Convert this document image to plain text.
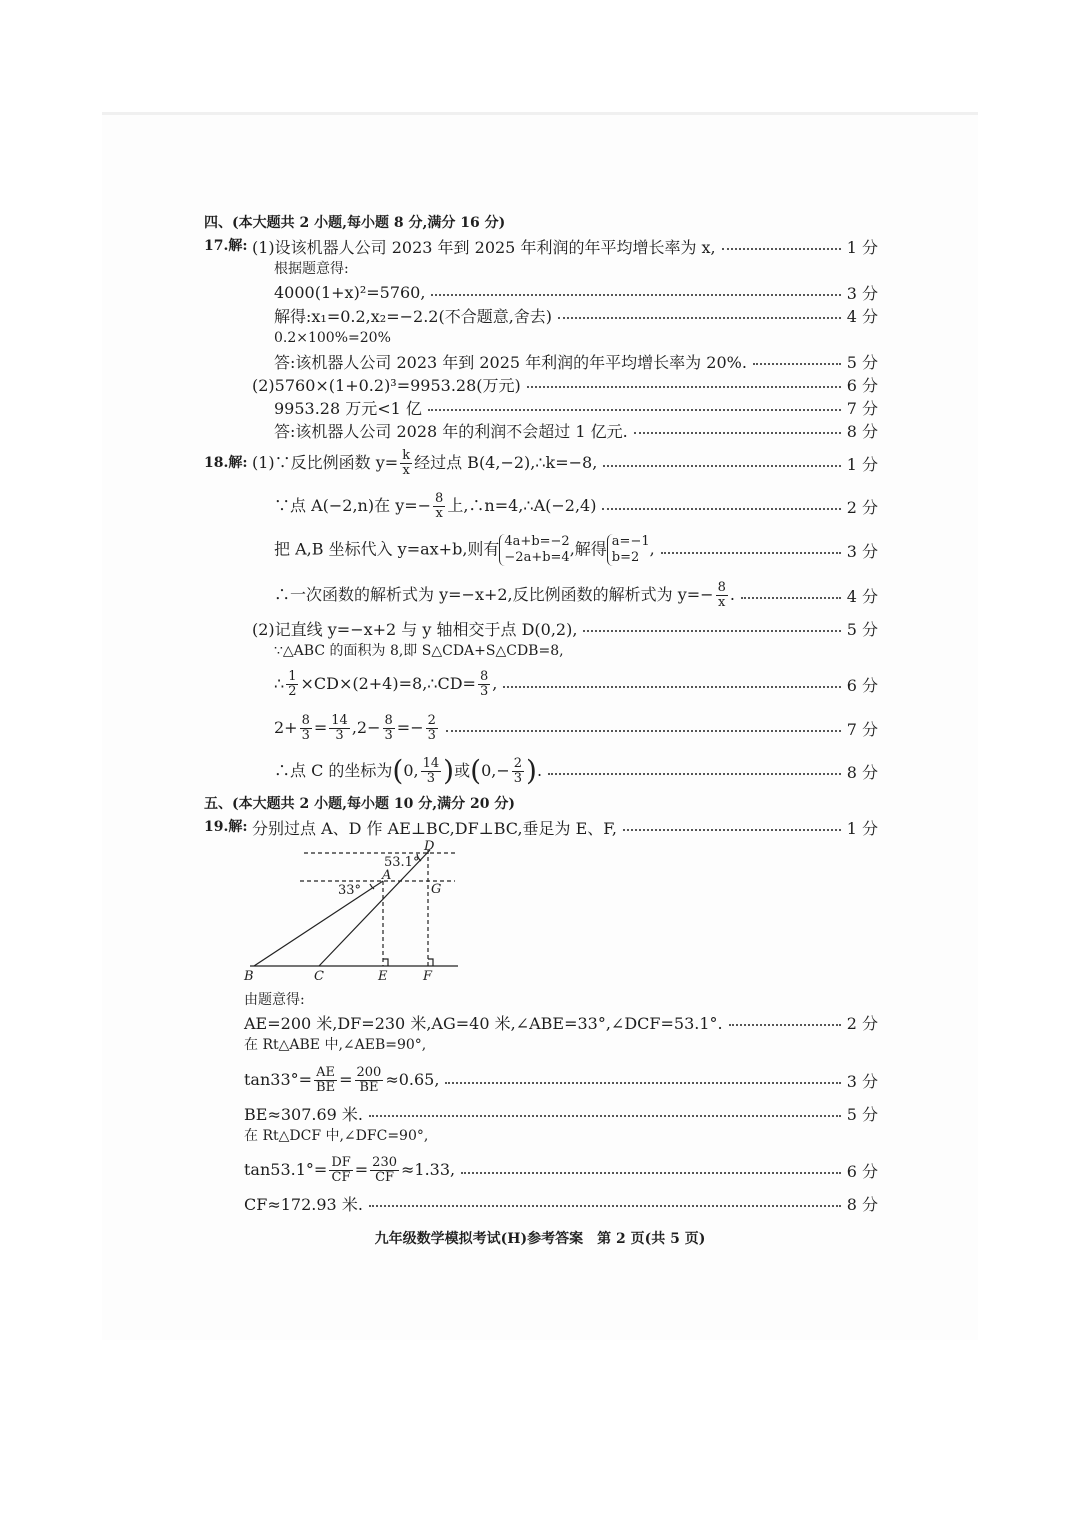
四、(本大题共 2 小题,每小题 8 分,满分 16 分)
17.解: (1)设该机器人公司 2023 年到 2025 年利润的年平均增长率为 x,	1 分
根据题意得:
4000(1+x)²=5760,	3 分
解得:x₁=0.2,x₂=−2.2(不合题意,舍去)	4 分
0.2×100%=20%
答:该机器人公司 2023 年到 2025 年利润的年平均增长率为 20%.	5 分
(2)5760×(1+0.2)³=9953.28(万元)	6 分
9953.28 万元<1 亿	7 分
答:该机器人公司 2028 年的利润不会超过 1 亿元.	8 分
18.解: (1)∵反比例函数 $y= \frac{k}{x}$ 经过点 B(4,−2),∴k=−8,	1 分
∵点 A(−2,n)在 $y=- \frac{8}{x}$ 上,∴n=4,∴A(−2,4)	2 分
把 A,B 坐标代入 y=ax+b,则有 4a+b=−2
−2a+b=4 ,解得 a=−1
b=2 ,	3 分
∴一次函数的解析式为 y=−x+2,反比例函数的解析式为 $y=- \frac{8}{x}$ .	4 分
(2)记直线 y=−x+2 与 y 轴相交于点 D(0,2),	5 分
∵△ABC 的面积为 8,即 S△CDA+S△CDB=8,
∴ $\frac{1}{2}$ ×CD×(2+4)=8,∴CD= $\frac{8}{3}$ ,	6 分
$2+ \frac{8}{3} = \frac{14}{3} ,2- \frac{8}{3} =- \frac{2}{3}$	7 分
∴点 C 的坐标为(0, $\frac{14}{3}$ )或($0,- \frac{2}{3}$ ).	8 分
五、(本大题共 2 小题,每小题 10 分,满分 20 分)
19.解: 分别过点 A、D 作 AE⊥BC,DF⊥BC,垂足为 E、F,	1 分
D
A
G
B	C	E	F
53.1°
33°
由题意得:
AE=200 米,DF=230 米,AG=40 米,∠ABE=33°,∠DCF=53.1°.	2 分
在 Rt△ABE 中,∠AEB=90°,
$\tan 33^\circ= \frac{AE}{BE} = \frac{200}{BE} \approx 0.65$,	3 分
BE≈307.69 米.	5 分
在 Rt△DCF 中,∠DFC=90°,
$\tan 53.1^\circ= \frac{DF}{CF} = \frac{230}{CF} \approx 1.33$,	6 分
CF≈172.93 米.	8 分
九年级数学模拟考试(H)参考答案　第 2 页(共 5 页)
